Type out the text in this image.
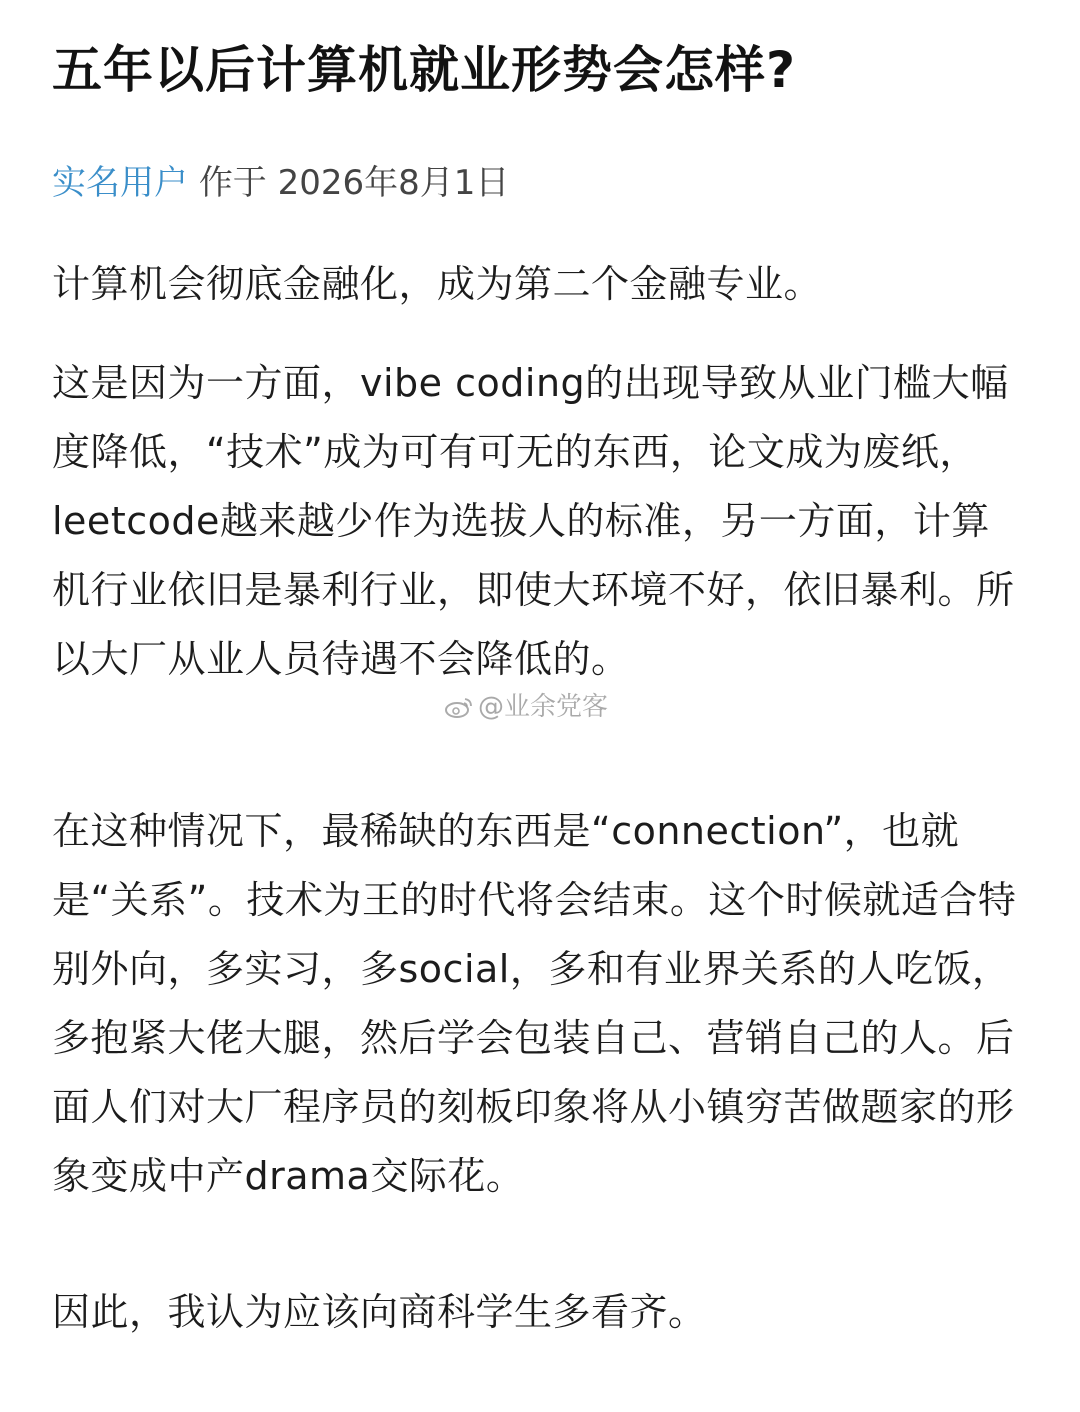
五年以后计算机就业形势会怎样?
实名用户 作于 2026年8月1日

计算机会彻底金融化，成为第二个金融专业。

这是因为一方面，vibe coding的出现导致从业门槛大幅度降低，“技术”成为可有可无的东西，论文成为废纸，leetcode越来越少作为选拔人的标准，另一方面，计算机行业依旧是暴利行业，即使大环境不好，依旧暴利。所以大厂从业人员待遇不会降低的。

在这种情况下，最稀缺的东西是“connection”，也就是“关系”。技术为王的时代将会结束。这个时候就适合特别外向，多实习，多social，多和有业界关系的人吃饭，多抱紧大佬大腿，然后学会包装自己、营销自己的人。后面人们对大厂程序员的刻板印象将从小镇穷苦做题家的形象变成中产drama交际花。

因此，我认为应该向商科学生多看齐。

@业余党客
